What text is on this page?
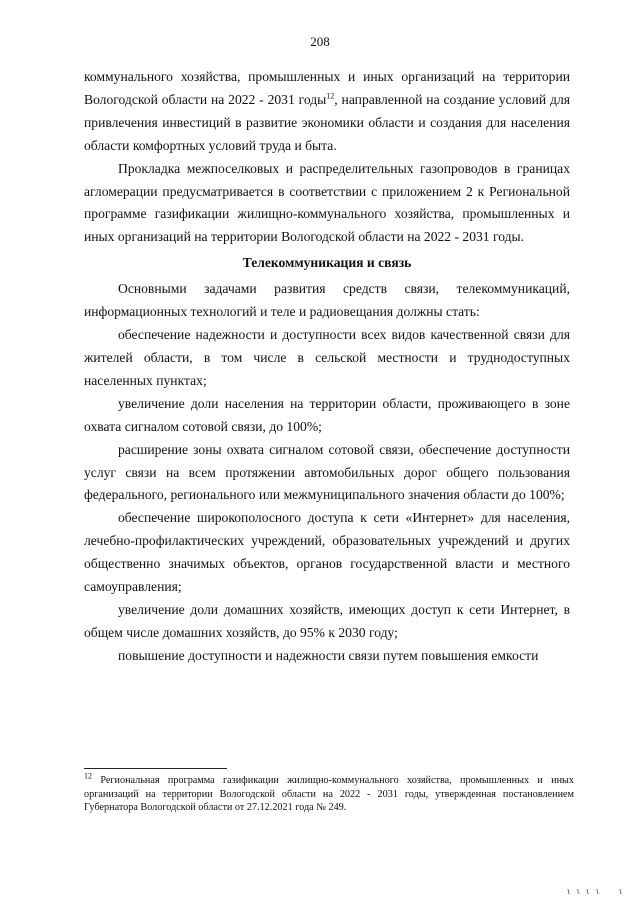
208

коммунального хозяйства, промышленных и иных организаций на территории Вологодской области на 2022 - 2031 годы$^{12}$, направленной на создание условий для привлечения инвестиций в развитие экономики области и создания для населения области комфортных условий труда и быта.

Прокладка межпоселковых и распределительных газопроводов в границах агломерации предусматривается в соответствии с приложением 2 к Региональной программе газификации жилищно-коммунального хозяйства, промышленных и иных организаций на территории Вологодской области на 2022 - 2031 годы.

Телекоммуникация и связь

Основными задачами развития средств связи, телекоммуникаций, информационных технологий и теле и радиовещания должны стать:

обеспечение надежности и доступности всех видов качественной связи для жителей области, в том числе в сельской местности и труднодоступных населенных пунктах;

увеличение доли населения на территории области, проживающего в зоне охвата сигналом сотовой связи, до 100%;

расширение зоны охвата сигналом сотовой связи, обеспечение доступности услуг связи на всем протяжении автомобильных дорог общего пользования федерального, регионального или межмуниципального значения области до 100%;

обеспечение широкополосного доступа к сети «Интернет» для населения, лечебно-профилактических учреждений, образовательных учреждений и других общественно значимых объектов, органов государственной власти и местного самоуправления;

увеличение доли домашних хозяйств, имеющих доступ к сети Интернет, в общем числе домашних хозяйств, до 95% к 2030 году;

повышение доступности и надежности связи путем повышения емкости

$^{12}$ Региональная программа газификации жилищно-коммунального хозяйства, промышленных и иных организаций на территории Вологодской области на 2022 - 2031 годы, утвержденная постановлением Губернатора Вологодской области от 27.12.2021 года № 249.
ι ι ι ι ι
